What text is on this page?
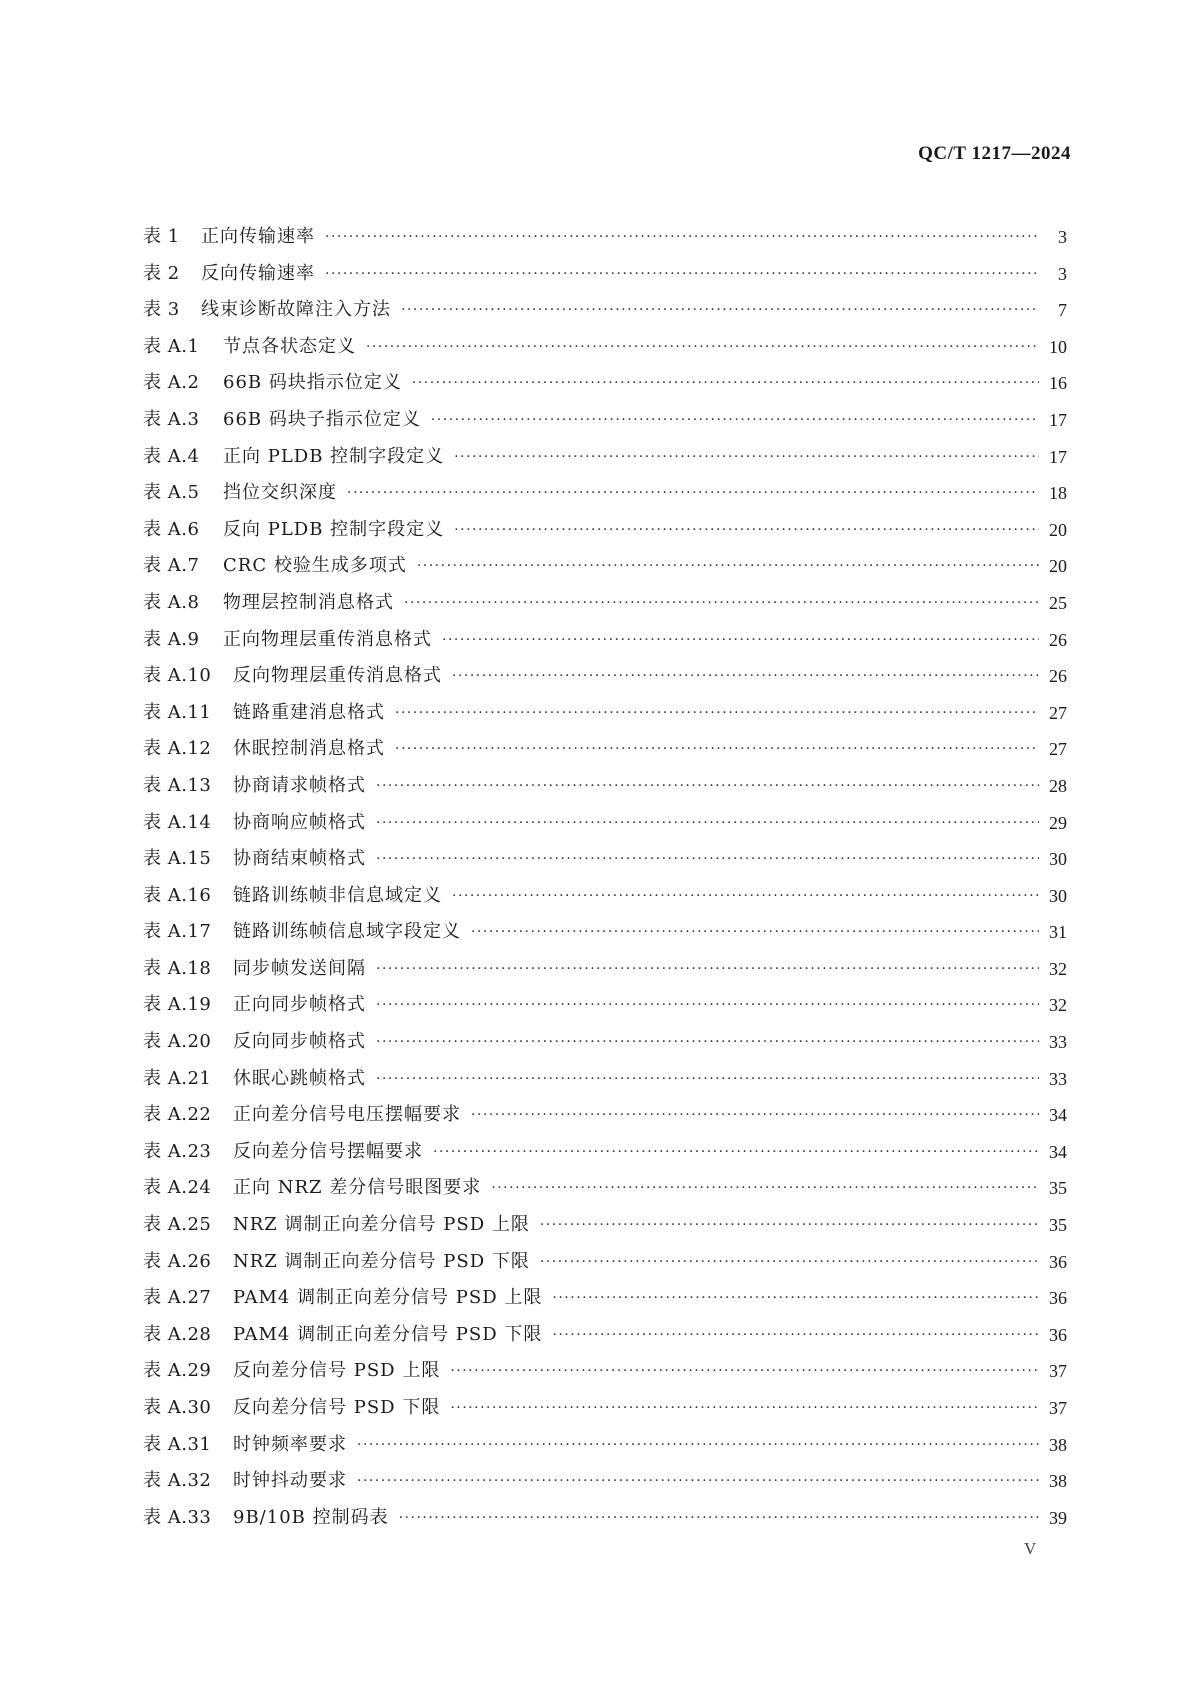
QC/T 1217—2024
表 1	正向传输速率 ·····	3
表 2	反向传输速率 ·····	3
表 3	线束诊断故障注入方法 ·····	7
表 A.1	节点各状态定义 ·····	10
表 A.2	66B 码块指示位定义 ·····	16
表 A.3	66B 码块子指示位定义 ·····	17
表 A.4	正向 PLDB 控制字段定义 ·····	17
表 A.5	挡位交织深度 ·····	18
表 A.6	反向 PLDB 控制字段定义 ·····	20
表 A.7	CRC 校验生成多项式 ·····	20
表 A.8	物理层控制消息格式 ·····	25
表 A.9	正向物理层重传消息格式 ·····	26
表 A.10	反向物理层重传消息格式 ·····	26
表 A.11	链路重建消息格式 ·····	27
表 A.12	休眠控制消息格式 ·····	27
表 A.13	协商请求帧格式 ·····	28
表 A.14	协商响应帧格式 ·····	29
表 A.15	协商结束帧格式 ·····	30
表 A.16	链路训练帧非信息域定义 ·····	30
表 A.17	链路训练帧信息域字段定义 ·····	31
表 A.18	同步帧发送间隔 ·····	32
表 A.19	正向同步帧格式 ·····	32
表 A.20	反向同步帧格式 ·····	33
表 A.21	休眠心跳帧格式 ·····	33
表 A.22	正向差分信号电压摆幅要求 ·····	34
表 A.23	反向差分信号摆幅要求 ·····	34
表 A.24	正向 NRZ 差分信号眼图要求 ·····	35
表 A.25	NRZ 调制正向差分信号 PSD 上限 ·····	35
表 A.26	NRZ 调制正向差分信号 PSD 下限 ·····	36
表 A.27	PAM4 调制正向差分信号 PSD 上限 ·····	36
表 A.28	PAM4 调制正向差分信号 PSD 下限 ·····	36
表 A.29	反向差分信号 PSD 上限 ·····	37
表 A.30	反向差分信号 PSD 下限 ·····	37
表 A.31	时钟频率要求 ·····	38
表 A.32	时钟抖动要求 ·····	38
表 A.33	9B/10B 控制码表 ·····	39
V
